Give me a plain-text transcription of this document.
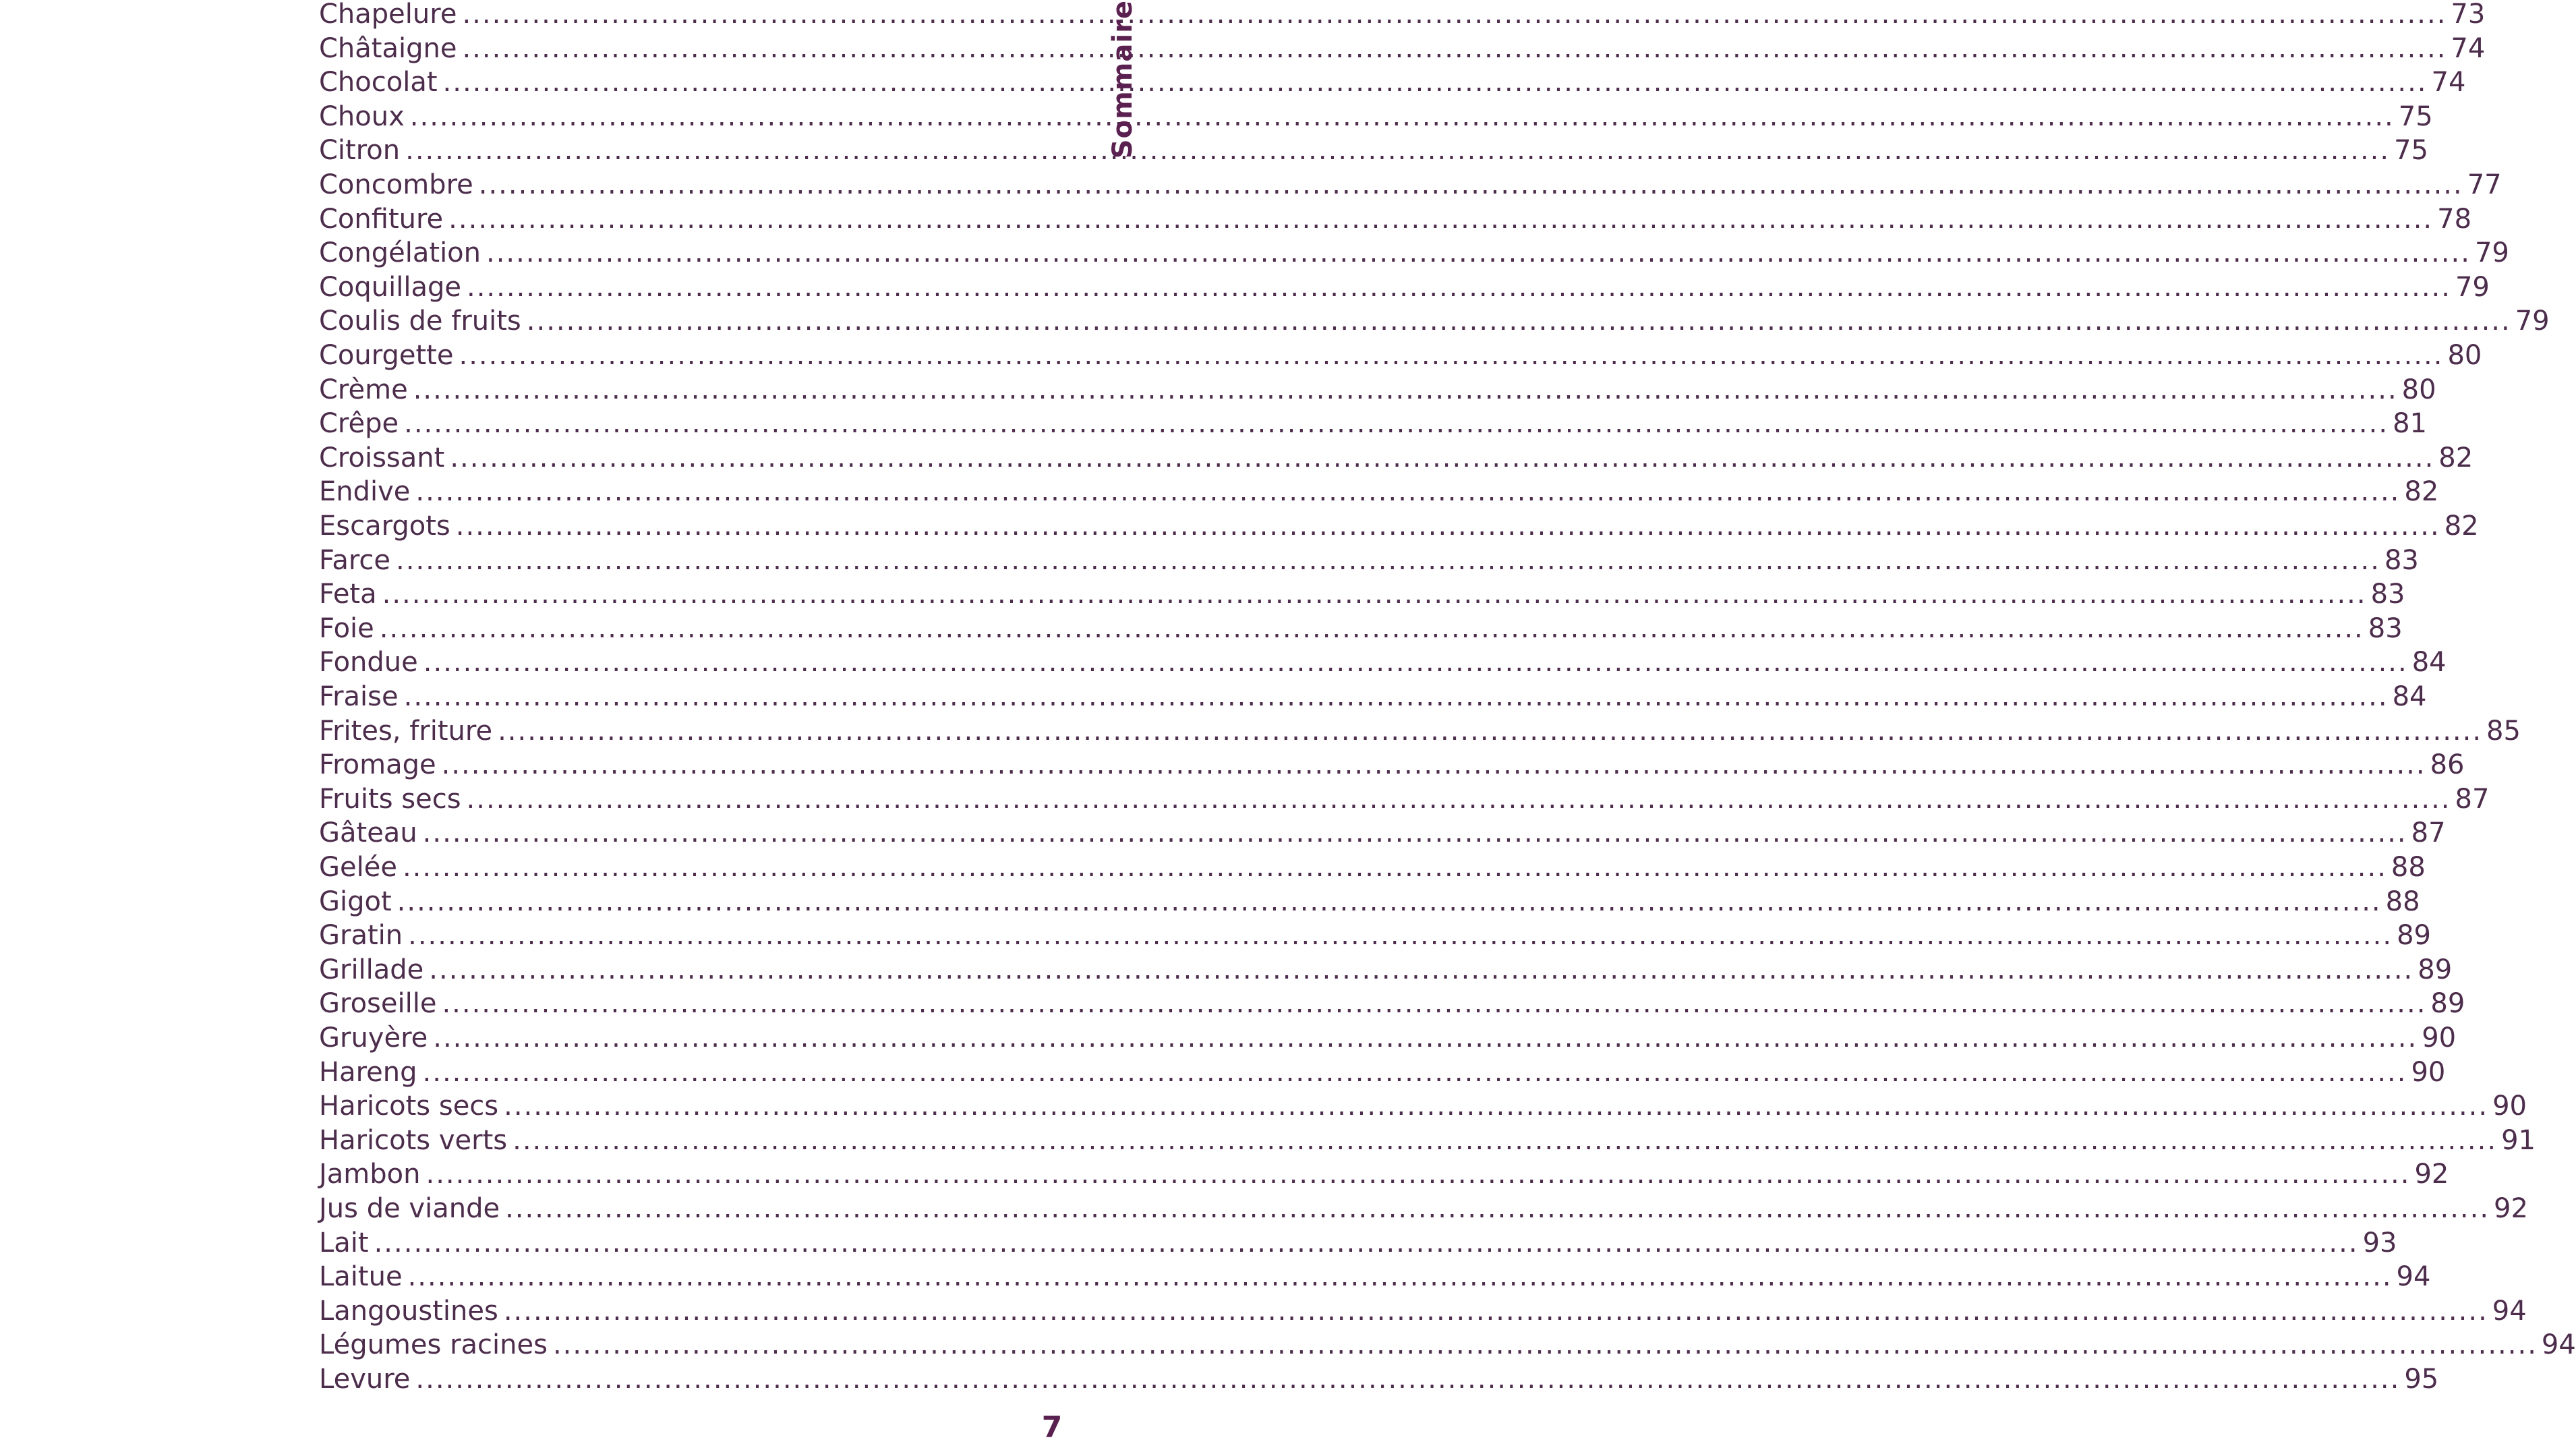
Chapelure ........................................................................................................................................................................................................ 73
Châtaigne ........................................................................................................................................................................................................ 74
Chocolat ........................................................................................................................................................................................................ 74
Choux ........................................................................................................................................................................................................ 75
Citron ........................................................................................................................................................................................................ 75
Concombre ........................................................................................................................................................................................................ 77
Confiture ........................................................................................................................................................................................................ 78
Congélation ........................................................................................................................................................................................................ 79
Coquillage ........................................................................................................................................................................................................ 79
Coulis de fruits ........................................................................................................................................................................................................ 79
Courgette ........................................................................................................................................................................................................ 80
Crème ........................................................................................................................................................................................................ 80
Crêpe ........................................................................................................................................................................................................ 81
Croissant ........................................................................................................................................................................................................ 82
Endive ........................................................................................................................................................................................................ 82
Escargots ........................................................................................................................................................................................................ 82
Farce ........................................................................................................................................................................................................ 83
Feta ........................................................................................................................................................................................................ 83
Foie ........................................................................................................................................................................................................ 83
Fondue ........................................................................................................................................................................................................ 84
Fraise ........................................................................................................................................................................................................ 84
Frites, friture ........................................................................................................................................................................................................ 85
Fromage ........................................................................................................................................................................................................ 86
Fruits secs ........................................................................................................................................................................................................ 87
Gâteau ........................................................................................................................................................................................................ 87
Gelée ........................................................................................................................................................................................................ 88
Gigot ........................................................................................................................................................................................................ 88
Gratin ........................................................................................................................................................................................................ 89
Grillade ........................................................................................................................................................................................................ 89
Groseille ........................................................................................................................................................................................................ 89
Gruyère ........................................................................................................................................................................................................ 90
Hareng ........................................................................................................................................................................................................ 90
Haricots secs ........................................................................................................................................................................................................ 90
Haricots verts ........................................................................................................................................................................................................ 91
Jambon ........................................................................................................................................................................................................ 92
Jus de viande ........................................................................................................................................................................................................ 92
Lait ........................................................................................................................................................................................................ 93
Laitue ........................................................................................................................................................................................................ 94
Langoustines ........................................................................................................................................................................................................ 94
Légumes racines ........................................................................................................................................................................................................ 94
Levure ........................................................................................................................................................................................................ 95
Sommaire
7
